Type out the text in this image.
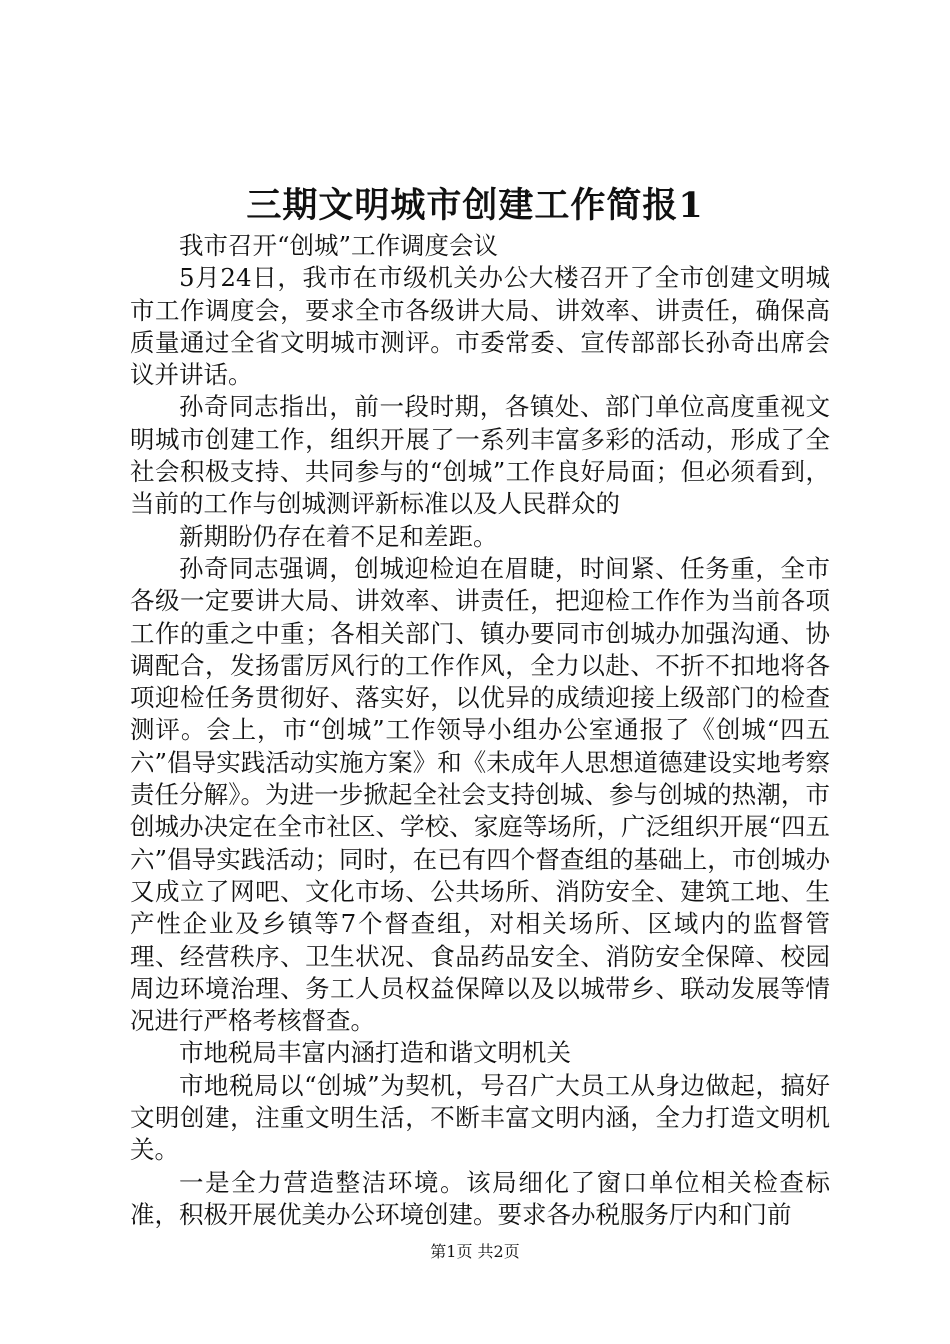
三期文明城市创建工作简报1

我市召开“创城”工作调度会议

5月24日，我市在市级机关办公大楼召开了全市创建文明城市工作调度会，要求全市各级讲大局、讲效率、讲责任，确保高质量通过全省文明城市测评。市委常委、宣传部部长孙奇出席会议并讲话。

孙奇同志指出，前一段时期，各镇处、部门单位高度重视文明城市创建工作，组织开展了一系列丰富多彩的活动，形成了全社会积极支持、共同参与的“创城”工作良好局面；但必须看到，当前的工作与创城测评新标准以及人民群众的

新期盼仍存在着不足和差距。

孙奇同志强调，创城迎检迫在眉睫，时间紧、任务重，全市各级一定要讲大局、讲效率、讲责任，把迎检工作作为当前各项工作的重之中重；各相关部门、镇办要同市创城办加强沟通、协调配合，发扬雷厉风行的工作作风，全力以赴、不折不扣地将各项迎检任务贯彻好、落实好，以优异的成绩迎接上级部门的检查测评。会上，市“创城”工作领导小组办公室通报了《创城“四五六”倡导实践活动实施方案》和《未成年人思想道德建设实地考察责任分解》。为进一步掀起全社会支持创城、参与创城的热潮，市创城办决定在全市社区、学校、家庭等场所，广泛组织开展“四五六”倡导实践活动；同时，在已有四个督查组的基础上，市创城办又成立了网吧、文化市场、公共场所、消防安全、建筑工地、生产性企业及乡镇等7个督查组，对相关场所、区域内的监督管理、经营秩序、卫生状况、食品药品安全、消防安全保障、校园周边环境治理、务工人员权益保障以及以城带乡、联动发展等情况进行严格考核督查。

市地税局丰富内涵打造和谐文明机关

市地税局以“创城”为契机，号召广大员工从身边做起，搞好文明创建，注重文明生活，不断丰富文明内涵，全力打造文明机关。

一是全力营造整洁环境。该局细化了窗口单位相关检查标准，积极开展优美办公环境创建。要求各办税服务厅内和门前

第1页 共2页
